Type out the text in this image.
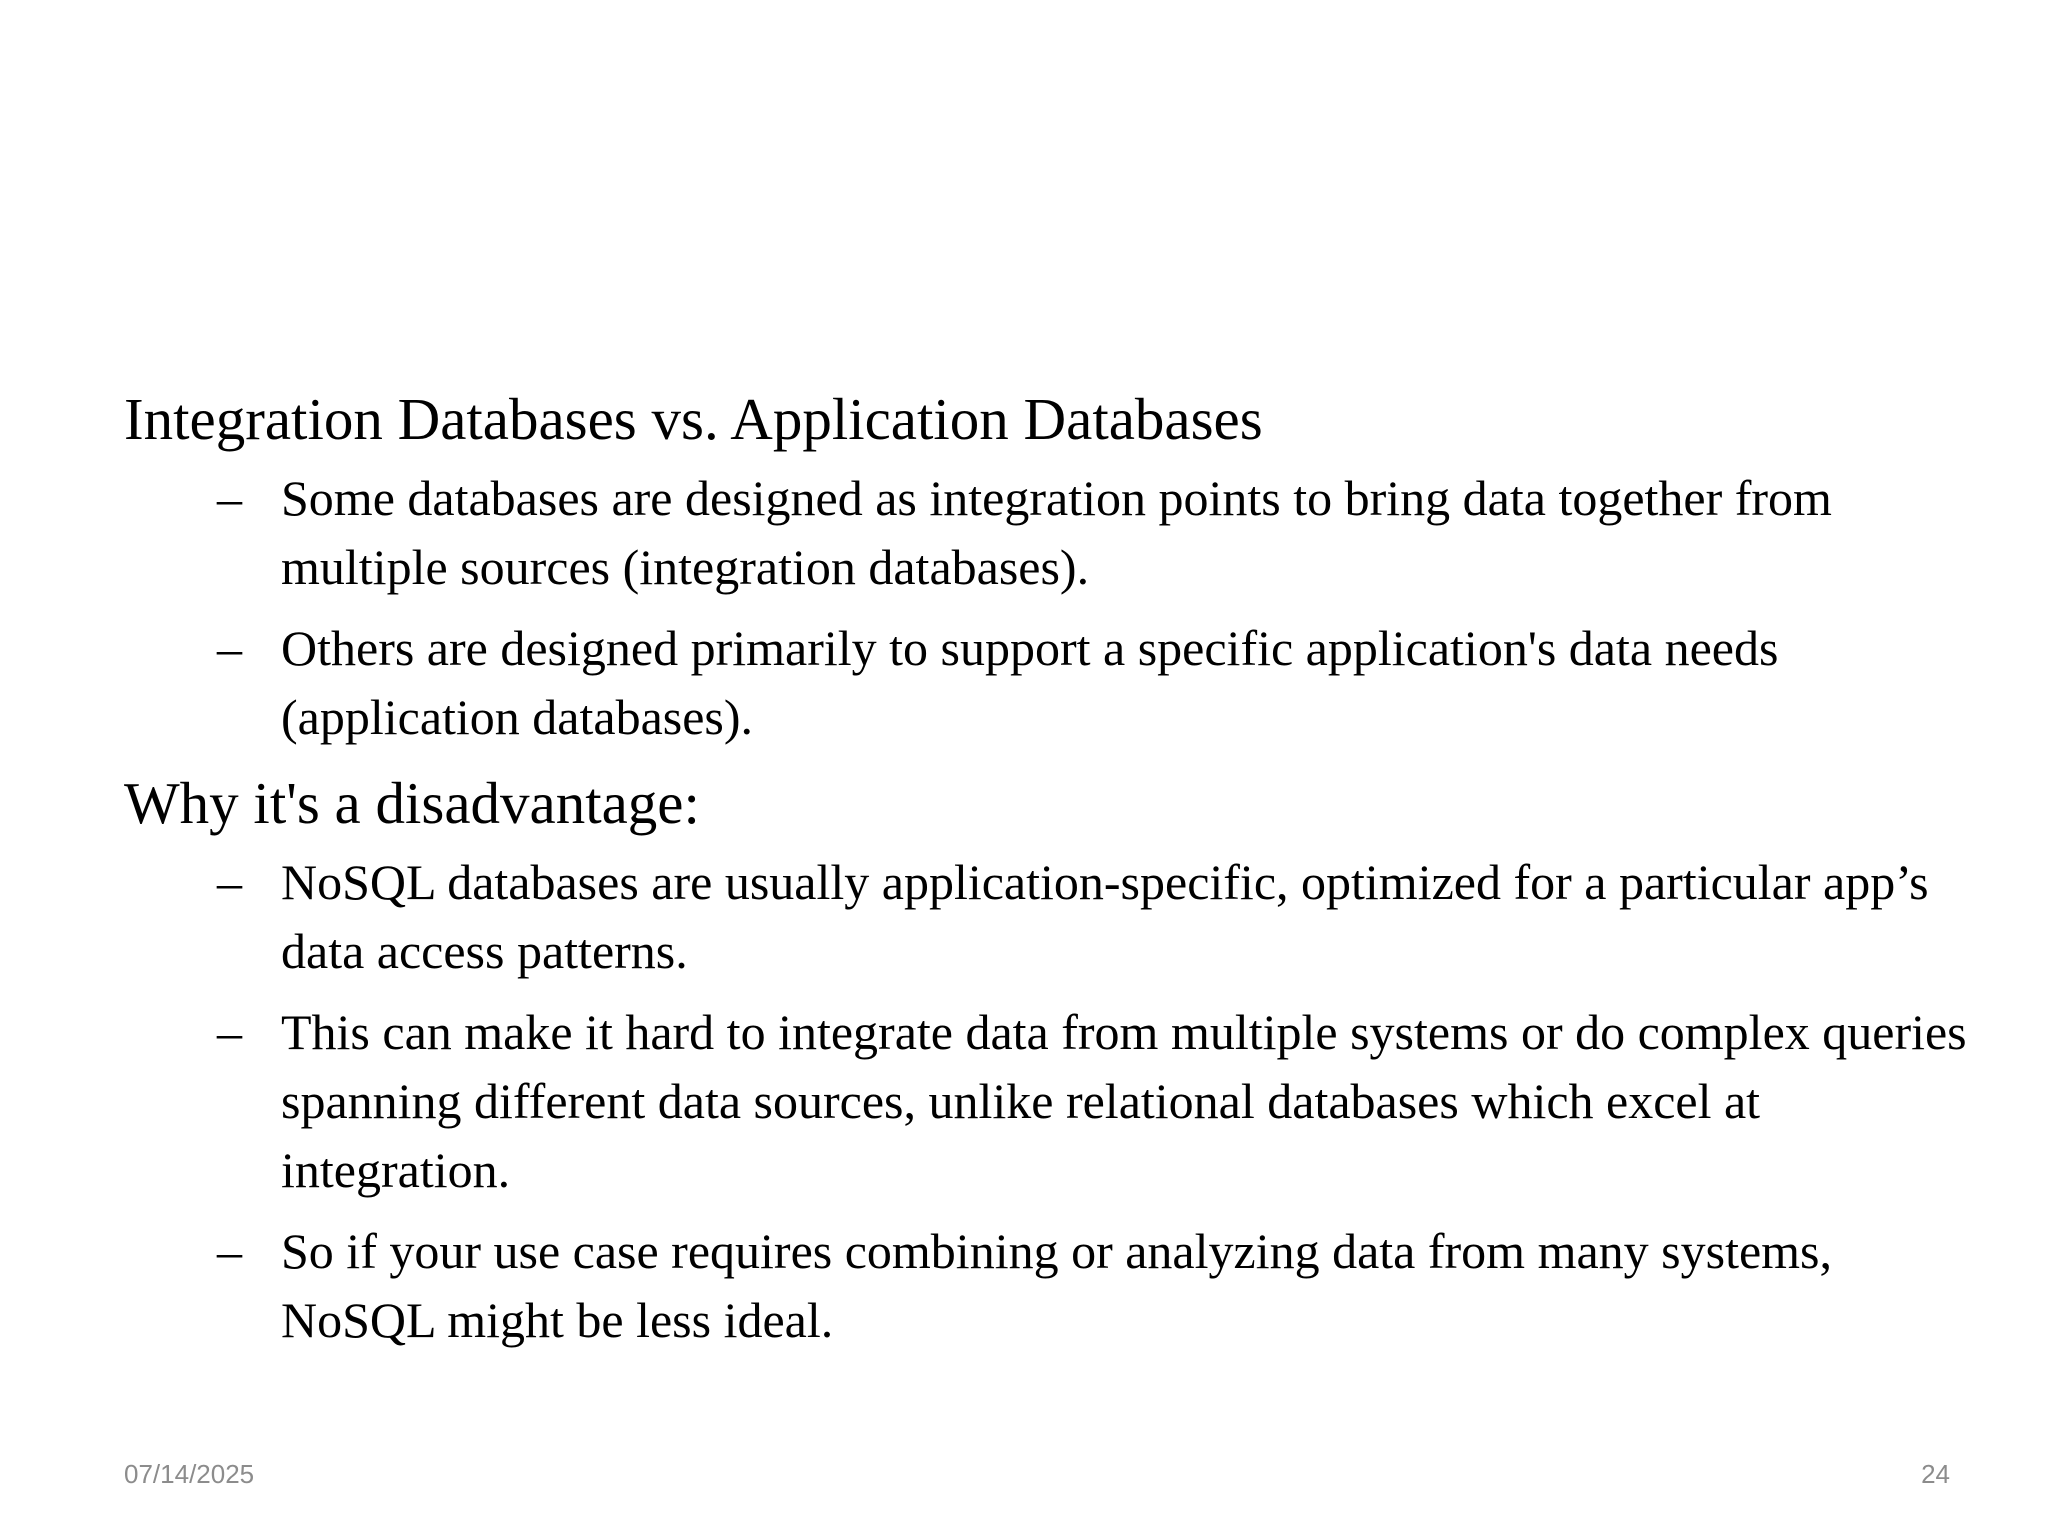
Integration Databases vs. Application Databases

– Some databases are designed as integration points to bring data together from multiple sources (integration databases).
– Others are designed primarily to support a specific application's data needs (application databases).

Why it's a disadvantage:

– NoSQL databases are usually application-specific, optimized for a particular app’s data access patterns.
– This can make it hard to integrate data from multiple systems or do complex queries spanning different data sources, unlike relational databases which excel at integration.
– So if your use case requires combining or analyzing data from many systems, NoSQL might be less ideal.
07/14/2025	24
